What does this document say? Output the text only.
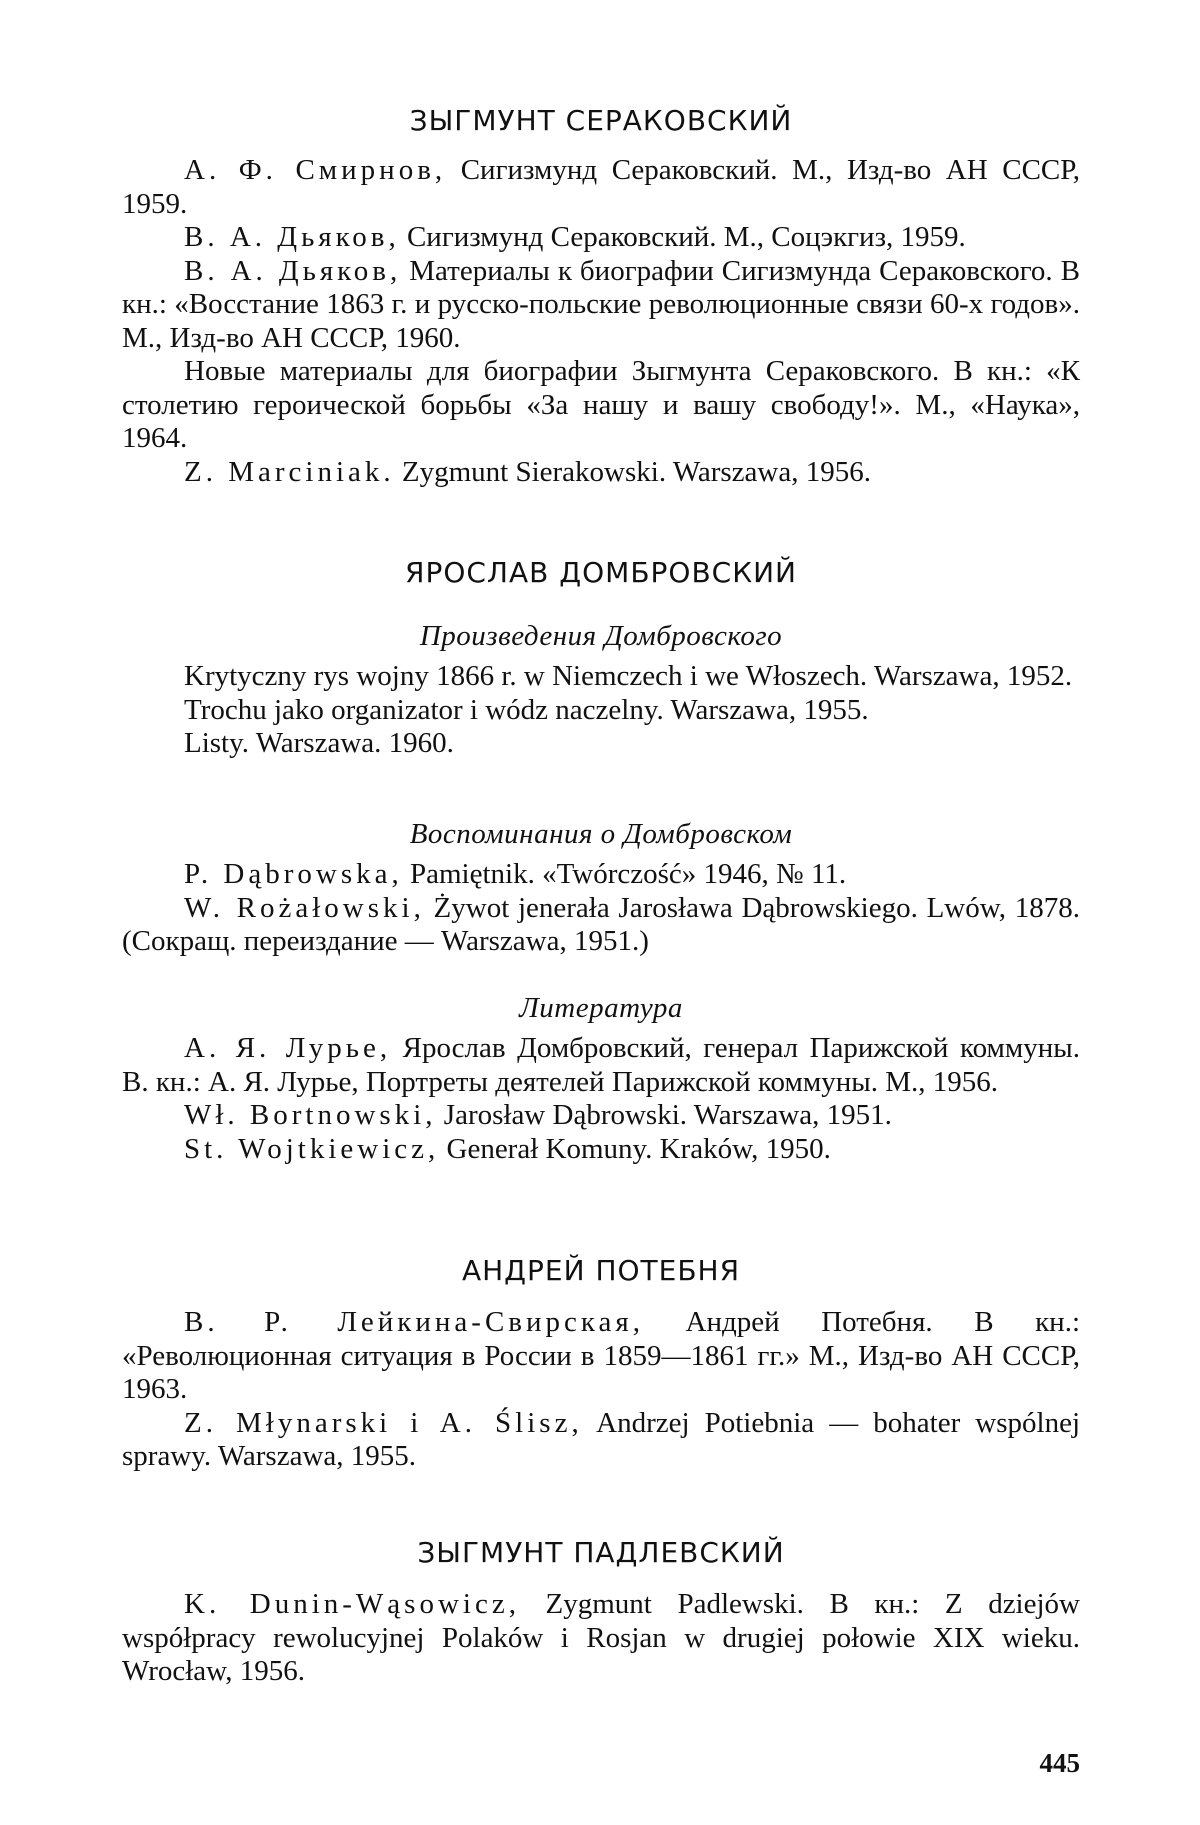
ЗЫГМУНТ СЕРАКОВСКИЙ

А. Ф. Смирнов, Сигизмунд Сераковский. М., Изд-во АН СССР, 1959.

В. А. Дьяков, Сигизмунд Сераковский. М., Соцэкгиз, 1959.

В. А. Дьяков, Материалы к биографии Сигизмунда Сераковского. В кн.: «Восстание 1863 г. и русско-польские революционные связи 60-х годов». М., Изд-во АН СССР, 1960.

Новые материалы для биографии Зыгмунта Сераковского. В кн.: «К столетию героической борьбы «За нашу и вашу свободу!». М., «Наука», 1964.

Z. Marciniak. Zygmunt Sierakowski. Warszawa, 1956.

ЯРОСЛАВ ДОМБРОВСКИЙ
Произведения Домбровского

Krytyczny rys wojny 1866 r. w Niemczech i we Włoszech. Warszawa, 1952.

Trochu jako organizator i wódz naczelny. Warszawa, 1955.

Listy. Warszawa. 1960.

Воспоминания о Домбровском

P. Dąbrowska, Pamiętnik. «Twórczość» 1946, № 11.

W. Rożałowski, Żywot jenerała Jarosława Dąbrowskiego. Lwów, 1878. (Сокращ. переиздание — Warszawa, 1951.)

Литература

А. Я. Лурье, Ярослав Домбровский, генерал Парижской коммуны. В. кн.: А. Я. Лурье, Портреты деятелей Парижской коммуны. М., 1956.

Wł. Bortnowski, Jarosław Dąbrowski. Warszawa, 1951.

St. Wojtkiewicz, Generał Komuny. Kraków, 1950.

АНДРЕЙ ПОТЕБНЯ

В. Р. Лейкина-Свирская, Андрей Потебня. В кн.: «Революционная ситуация в России в 1859—1861 гг.» М., Изд-во АН СССР, 1963.

Z. Młynarski i A. Ślisz, Andrzej Potiebnia — bohater wspólnej sprawy. Warszawa, 1955.

ЗЫГМУНТ ПАДЛЕВСКИЙ

K. Dunin-Wąsowicz, Zygmunt Padlewski. B кн.: Z dziejów współpracy rewolucyjnej Polaków i Rosjan w drugiej połowie XIX wieku. Wrocław, 1956.

445
